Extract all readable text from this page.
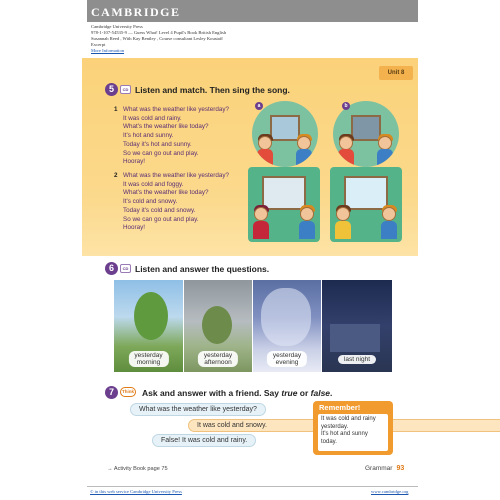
CAMBRIDGE
Cambridge University Press
978-1-107-54535-9 — Guess What! Level 4 Pupil's Book British English
Susannah Reed , With Kay Bentley , Course consultant Lesley Koustaff
Excerpt
More Information
Unit 8
5	CD Listen and match. Then sing the song.
1 What was the weather like yesterday?
It was cold and rainy.
What's the weather like today?
It's hot and sunny.
Today it's hot and sunny.
So we can go out and play.
Hooray!
2 What was the weather like yesterday?
It was cold and foggy.
What's the weather like today?
It's cold and snowy.
Today it's cold and snowy.
So we can go out and play.
Hooray!
a	b
6	CD Listen and answer the questions.
yesterday
morning
yesterday
afternoon
yesterday
evening	last night
7	Think Ask and answer with a friend. Say true or false.
What was the weather like yesterday?
It was cold and snowy.
False! It was cold and rainy.
Remember!
It was cold and rainy
yesterday.
It's hot and sunny
today.
→ Activity Book page 75	Grammar 93
© in this web service Cambridge University Press	www.cambridge.org
